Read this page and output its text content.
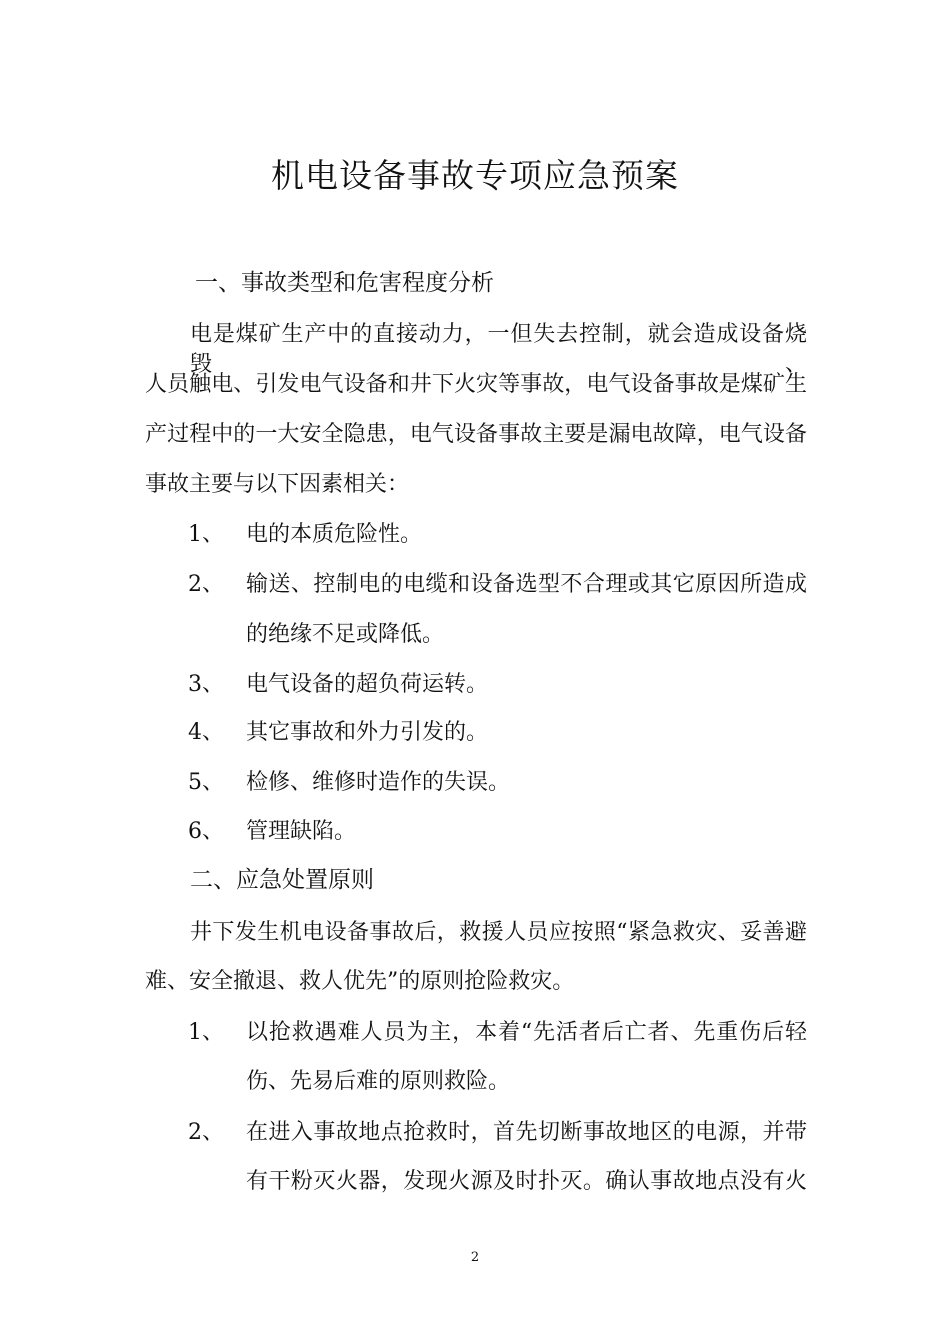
机电设备事故专项应急预案
一、事故类型和危害程度分析
电是煤矿生产中的直接动力，一但失去控制，就会造成设备烧毁、
人员触电、引发电气设备和井下火灾等事故，电气设备事故是煤矿生
产过程中的一大安全隐患，电气设备事故主要是漏电故障，电气设备
事故主要与以下因素相关：
1、 电的本质危险性。
2、 输送、控制电的电缆和设备选型不合理或其它原因所造成
的绝缘不足或降低。
3、 电气设备的超负荷运转。
4、 其它事故和外力引发的。
5、 检修、维修时造作的失误。
6、 管理缺陷。
二、应急处置原则
井下发生机电设备事故后，救援人员应按照“紧急救灾、妥善避
难、安全撤退、救人优先”的原则抢险救灾。
1、 以抢救遇难人员为主，本着“先活者后亡者、先重伤后轻
伤、先易后难的原则救险。
2、 在进入事故地点抢救时，首先切断事故地区的电源，并带
有干粉灭火器，发现火源及时扑灭。确认事故地点没有火
2
